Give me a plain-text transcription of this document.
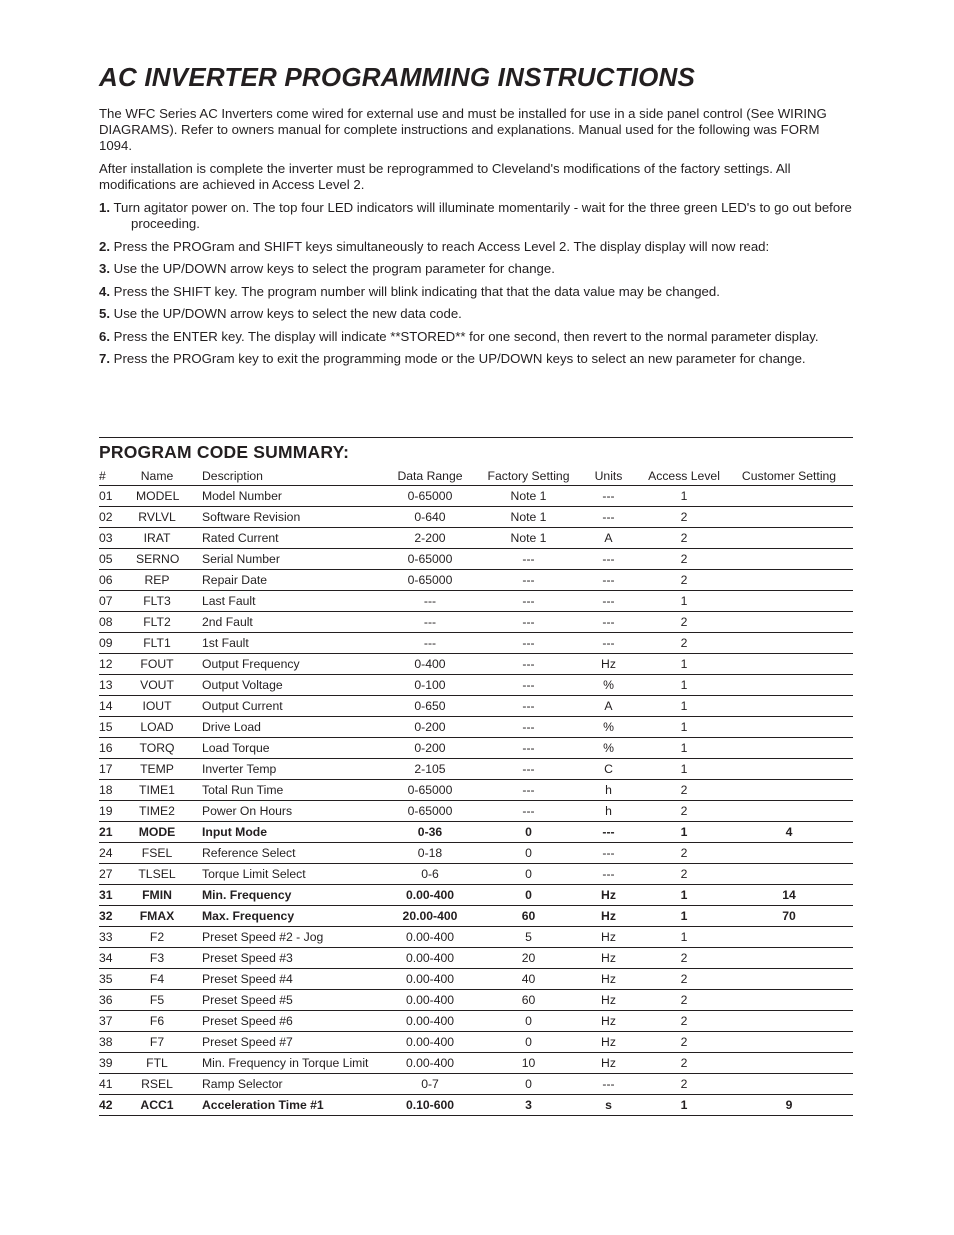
AC INVERTER PROGRAMMING INSTRUCTIONS

The WFC Series AC Inverters come wired for external use and must be installed for use in a side panel control (See WIRING DIAGRAMS). Refer to owners manual for complete instructions and explanations. Manual used for the following was FORM 1094.

After installation is complete the inverter must be reprogrammed to Cleveland's modifications of the factory settings. All modifications are achieved in Access Level 2.

1. Turn agitator power on. The top four LED indicators will illuminate momentarily - wait for the three green LED's to go out before proceeding.
2. Press the PROGram and SHIFT keys simultaneously to reach Access Level 2. The display display will now read:
3. Use the UP/DOWN arrow keys to select the program parameter for change.
4. Press the SHIFT key. The program number will blink indicating that that the data value may be changed.
5. Use the UP/DOWN arrow keys to select the new data code.
6. Press the ENTER key. The display will indicate **STORED** for one second, then revert to the normal parameter display.
7. Press the PROGram key to exit the programming mode or the UP/DOWN keys to select an new parameter for change.
PROGRAM CODE SUMMARY:
#	Name	Description	Data Range	Factory Setting	Units	Access Level	Customer Setting
01	MODEL	Model Number	0-65000	Note 1	---	1	
02	RVLVL	Software Revision	0-640	Note 1	---	2	
03	IRAT	Rated Current	2-200	Note 1	A	2	
05	SERNO	Serial Number	0-65000	---	---	2	
06	REP	Repair Date	0-65000	---	---	2	
07	FLT3	Last Fault	---	---	---	1	
08	FLT2	2nd Fault	---	---	---	2	
09	FLT1	1st Fault	---	---	---	2	
12	FOUT	Output Frequency	0-400	---	Hz	1	
13	VOUT	Output Voltage	0-100	---	%	1	
14	IOUT	Output Current	0-650	---	A	1	
15	LOAD	Drive Load	0-200	---	%	1	
16	TORQ	Load Torque	0-200	---	%	1	
17	TEMP	Inverter Temp	2-105	---	C	1	
18	TIME1	Total Run Time	0-65000	---	h	2	
19	TIME2	Power On Hours	0-65000	---	h	2	
21	MODE	Input Mode	0-36	0	---	1	4
24	FSEL	Reference Select	0-18	0	---	2	
27	TLSEL	Torque Limit Select	0-6	0	---	2	
31	FMIN	Min. Frequency	0.00-400	0	Hz	1	14
32	FMAX	Max. Frequency	20.00-400	60	Hz	1	70
33	F2	Preset Speed #2 - Jog	0.00-400	5	Hz	1	
34	F3	Preset Speed #3	0.00-400	20	Hz	2	
35	F4	Preset Speed #4	0.00-400	40	Hz	2	
36	F5	Preset Speed #5	0.00-400	60	Hz	2	
37	F6	Preset Speed #6	0.00-400	0	Hz	2	
38	F7	Preset Speed #7	0.00-400	0	Hz	2	
39	FTL	Min. Frequency in Torque Limit	0.00-400	10	Hz	2	
41	RSEL	Ramp Selector	0-7	0	---	2	
42	ACC1	Acceleration Time #1	0.10-600	3	s	1	9
